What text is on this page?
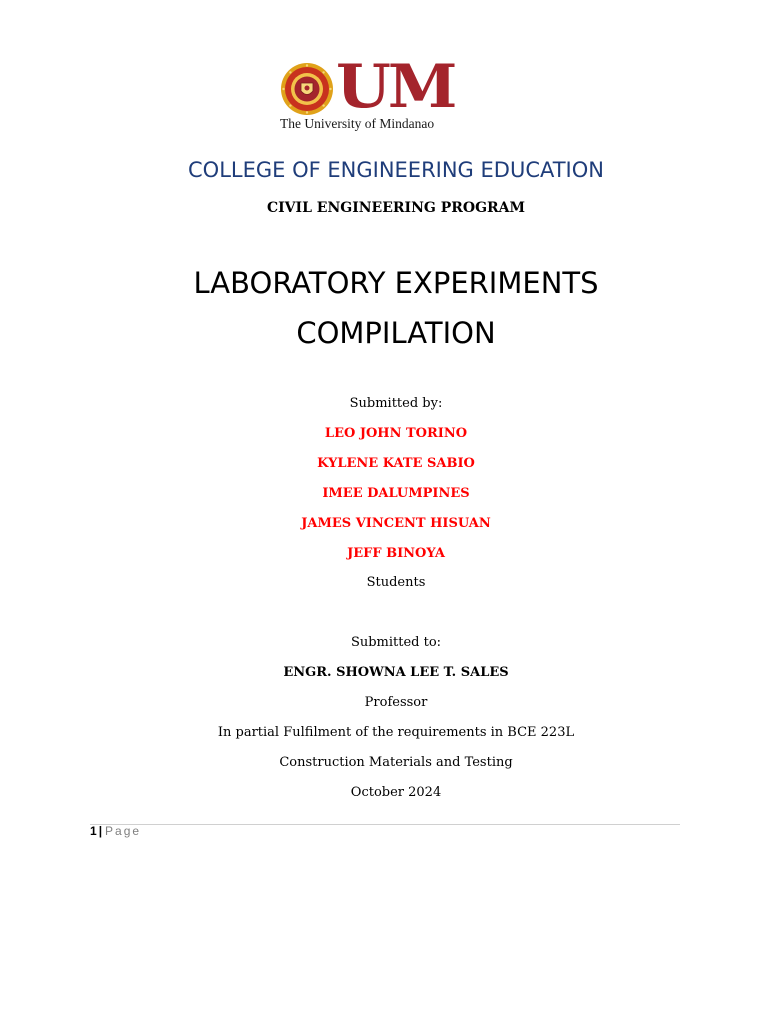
UM
The University of Mindanao
COLLEGE OF ENGINEERING EDUCATION
CIVIL ENGINEERING PROGRAM
LABORATORY EXPERIMENTS
COMPILATION
Submitted by:
LEO JOHN TORINO
KYLENE KATE SABIO
IMEE DALUMPINES
JAMES VINCENT HISUAN
JEFF BINOYA
Students
Submitted to:
ENGR. SHOWNA LEE T. SALES
Professor
In partial Fulfilment of the requirements in BCE 223L
Construction Materials and Testing
October 2024
1 | Page
